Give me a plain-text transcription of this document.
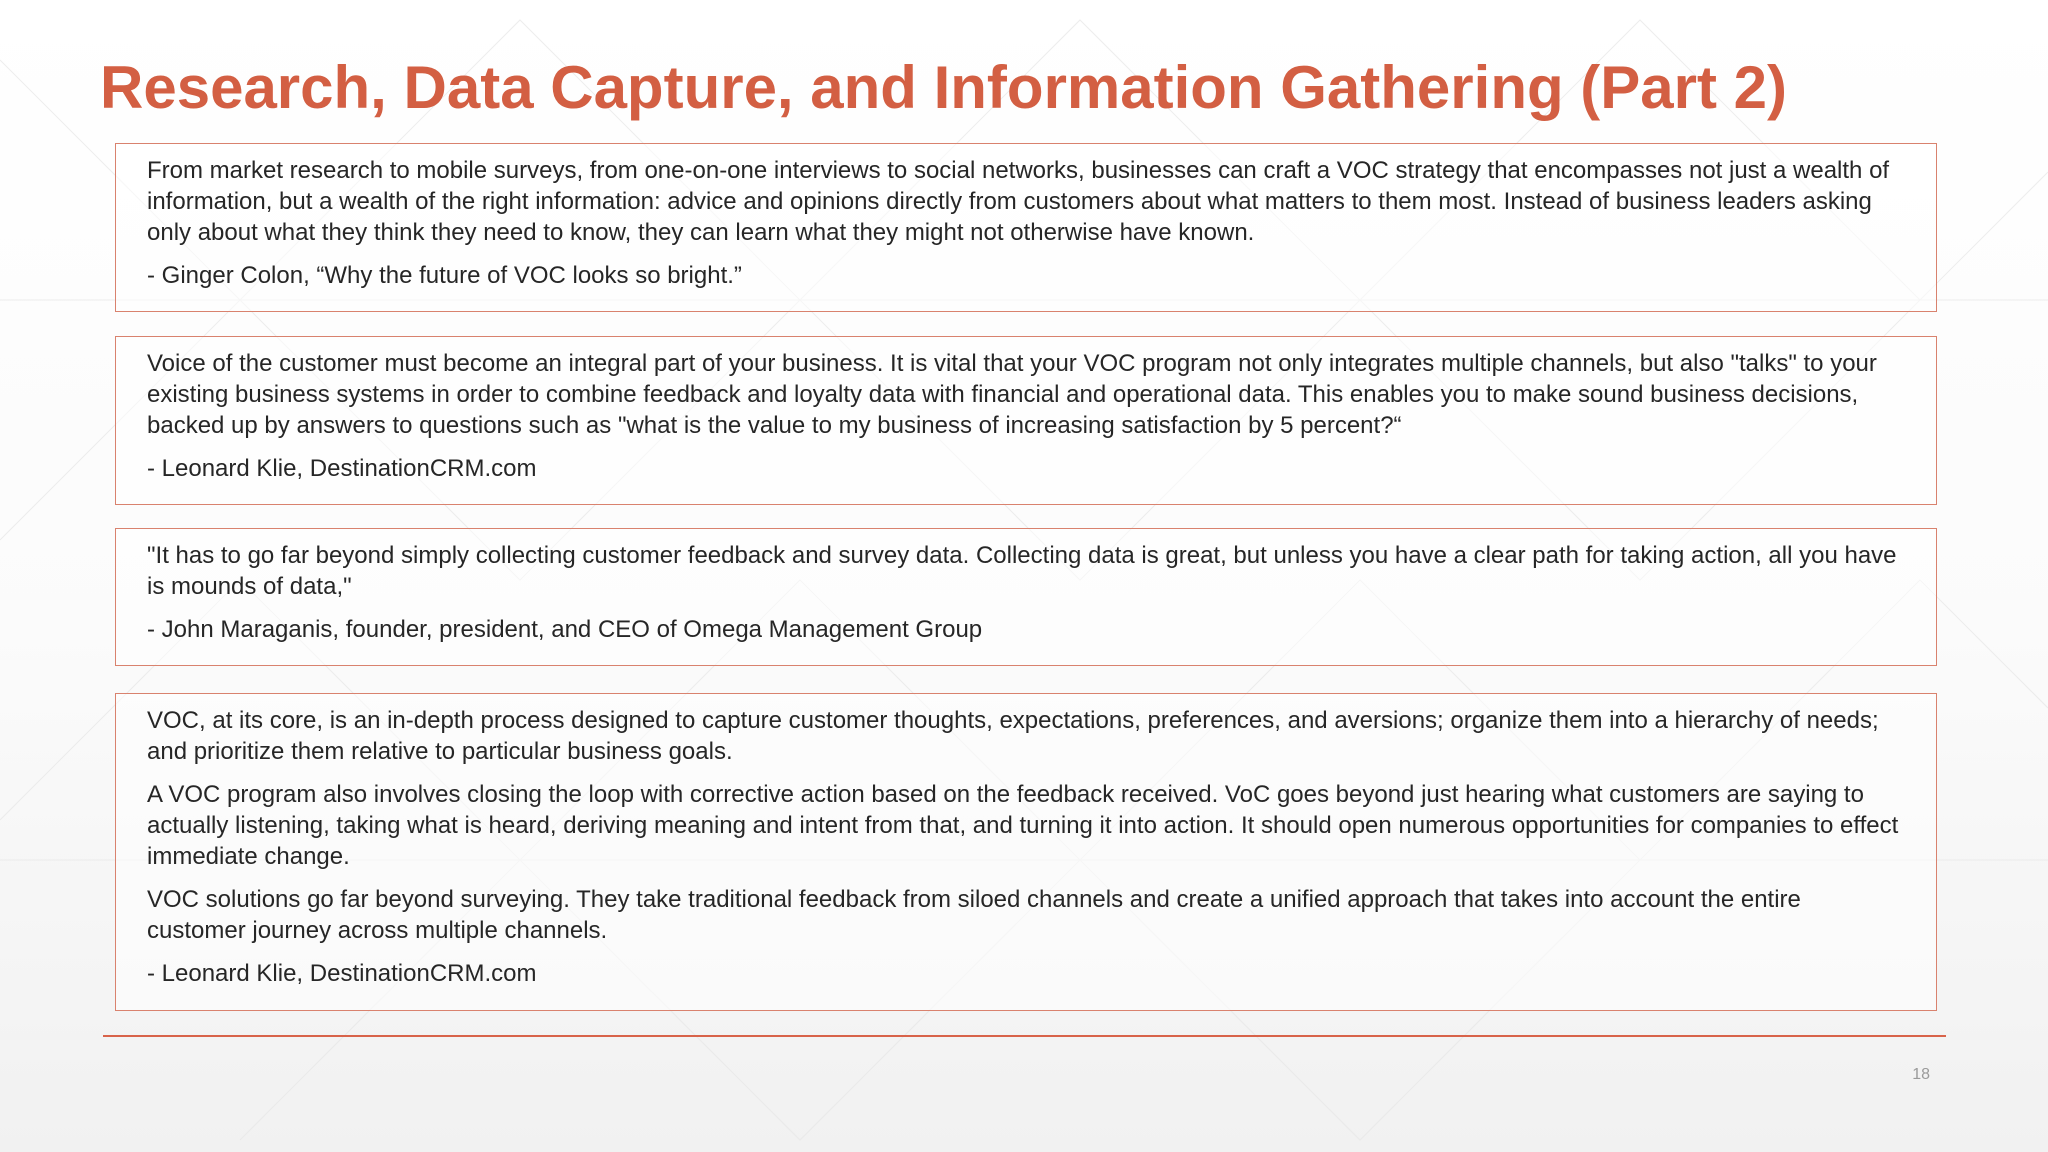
Research, Data Capture, and Information Gathering (Part 2)

From market research to mobile surveys, from one-on-one interviews to social networks, businesses can craft a VOC strategy that encompasses not just a wealth of information, but a wealth of the right information: advice and opinions directly from customers about what matters to them most. Instead of business leaders asking only about what they think they need to know, they can learn what they might not otherwise have known.

- Ginger Colon, “Why the future of VOC looks so bright.”

Voice of the customer must become an integral part of your business. It is vital that your VOC program not only integrates multiple channels, but also "talks" to your existing business systems in order to combine feedback and loyalty data with financial and operational data. This enables you to make sound business decisions, backed up by answers to questions such as "what is the value to my business of increasing satisfaction by 5 percent?“

- Leonard Klie, DestinationCRM.com

"It has to go far beyond simply collecting customer feedback and survey data. Collecting data is great, but unless you have a clear path for taking action, all you have is mounds of data,"

- John Maraganis, founder, president, and CEO of Omega Management Group

VOC, at its core, is an in-depth process designed to capture customer thoughts, expectations, preferences, and aversions; organize them into a hierarchy of needs; and prioritize them relative to particular business goals.

A VOC program also involves closing the loop with corrective action based on the feedback received. VoC goes beyond just hearing what customers are saying to actually listening, taking what is heard, deriving meaning and intent from that, and turning it into action. It should open numerous opportunities for companies to effect immediate change.

VOC solutions go far beyond surveying. They take traditional feedback from siloed channels and create a unified approach that takes into account the entire customer journey across multiple channels.

- Leonard Klie, DestinationCRM.com

18
